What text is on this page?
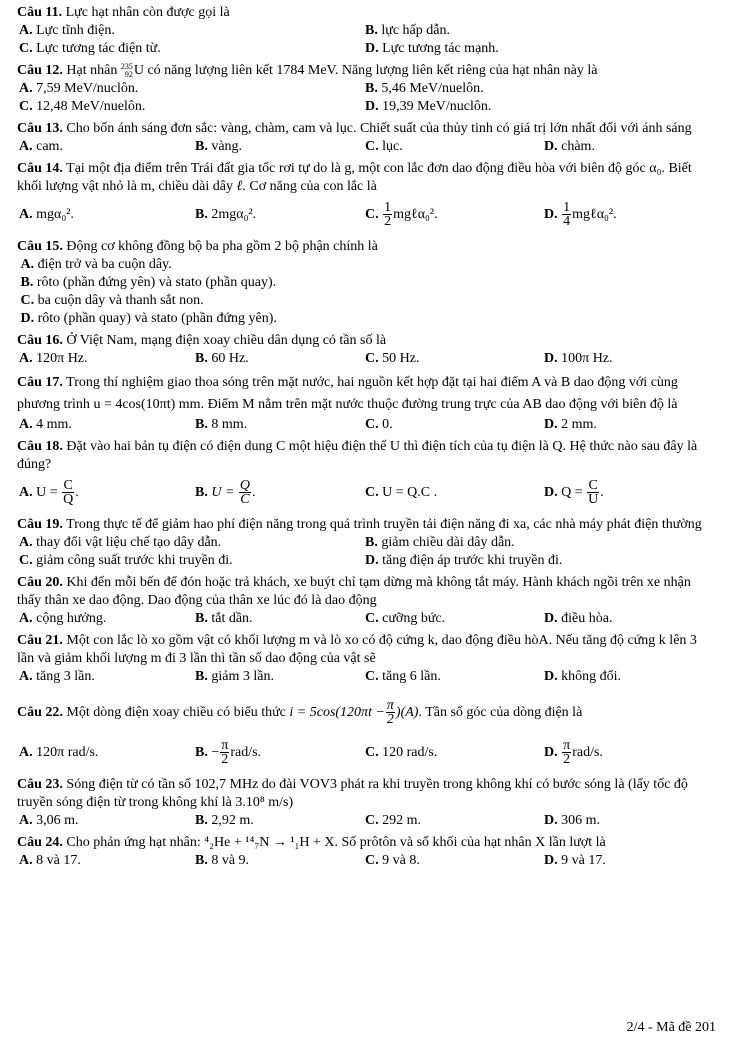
Câu 11. Lực hạt nhân còn được gọi là
A. Lực tĩnh điện.	B. lực hấp dẫn.
C. Lực tương tác điện từ.	D. Lực tương tác mạnh.
Câu 12. Hạt nhân 235
92 U có năng lượng liên kết 1784 MeV. Năng lượng liên kết riêng của hạt nhân này là
A. 7,59 MeV/nuclôn.	B. 5,46 MeV/nuelôn.
C. 12,48 MeV/nuelôn.	D. 19,39 MeV/nuclôn.
Câu 13. Cho bốn ánh sáng đơn sắc: vàng, chàm, cam và lục. Chiết suất của thủy tinh có giá trị lớn nhất đối với ánh sáng
A. cam.	B. vàng.	C. lục.	D. chàm.
Câu 14. Tại một địa điểm trên Trái đất gia tốc rơi tự do là g, một con lắc đơn dao động điều hòa với biên độ góc α₀. Biết khối lượng vật nhỏ là m, chiều dài dây ℓ. Cơ năng của con lắc là
A. mgα₀².	B. 2mgα₀².	C. $\frac{1}{2}$ mgℓα₀².	D. $\frac{1}{4}$ mgℓα₀².
Câu 15. Động cơ không đồng bộ ba pha gồm 2 bộ phận chính là
A. điện trở và ba cuộn dây.
B. rôto (phần đứng yên) và stato (phần quay).
C. ba cuộn dây và thanh sắt non.
D. rôto (phần quay) và stato (phần đứng yên).
Câu 16. Ở Việt Nam, mạng điện xoay chiều dân dụng có tần số là
A. 120π Hz.	B. 60 Hz.	C. 50 Hz.	D. 100π Hz.
Câu 17. Trong thí nghiệm giao thoa sóng trên mặt nước, hai nguồn kết hợp đặt tại hai điểm A và B dao động với cùng phương trình u = 4cos(10πt) mm. Điểm M nằm trên mặt nước thuộc đường trung trực của AB dao động với biên độ là
A. 4 mm.	B. 8 mm.	C. 0.	D. 2 mm.
Câu 18. Đặt vào hai bản tụ điện có điện dung C một hiệu điện thế U thì điện tích của tụ điện là Q. Hệ thức nào sau đây là đúng?
A. $U = \frac{C}{Q}$ .	B. $U = \frac{Q}{C}$ .	C. U = Q.C .	D. $Q = \frac{C}{U}$ .
Câu 19. Trong thực tế để giảm hao phí điện năng trong quá trình truyền tải điện năng đi xa, các nhà máy phát điện thường
A. thay đổi vật liệu chế tạo dây dẫn.	B. giảm chiều dài dây dẫn.
C. giảm công suất trước khi truyền đi.	D. tăng điện áp trước khi truyền đi.
Câu 20. Khi đến mỗi bến để đón hoặc trả khách, xe buýt chỉ tạm dừng mà không tắt máy. Hành khách ngồi trên xe nhận thấy thân xe dao động. Dao động của thân xe lúc đó là dao động
A. cộng hưởng.	B. tắt dần.	C. cưỡng bức.	D. điều hòa.
Câu 21. Một con lắc lò xo gồm vật có khối lượng m và lò xo có độ cứng k, dao động điều hòA. Nếu tăng độ cứng k lên 3 lần và giảm khối lượng m đi 3 lần thì tần số dao động của vật sẽ
A. tăng 3 lần.	B. giảm 3 lần.	C. tăng 6 lần.	D. không đổi.
Câu 22. Một dòng điện xoay chiều có biểu thức $i = 5\cos(120\pi t - \frac{\pi}{2} )(A)$. Tần số góc của dòng điện là
A. 120π rad/s.	B. − $\frac{\pi}{2} rad/s$.	C. 120 rad/s.	D. $\frac{\pi}{2} rad/s$.
Câu 23. Sóng điện từ có tần số 102,7 MHz do đài VOV3 phát ra khi truyền trong không khí có bước sóng là (lấy tốc độ truyền sóng điện từ trong không khí là 3.10⁸ m/s)
A. 3,06 m.	B. 2,92 m.	C. 292 m.	D. 306 m.
Câu 24. Cho phản ứng hạt nhân: ⁴₂He + ¹⁴₇N → ¹₁H + X. Số prôtôn và số khối của hạt nhân X lần lượt là
A. 8 và 17.	B. 8 và 9.	C. 9 và 8.	D. 9 và 17.
2/4 - Mã đề 201
